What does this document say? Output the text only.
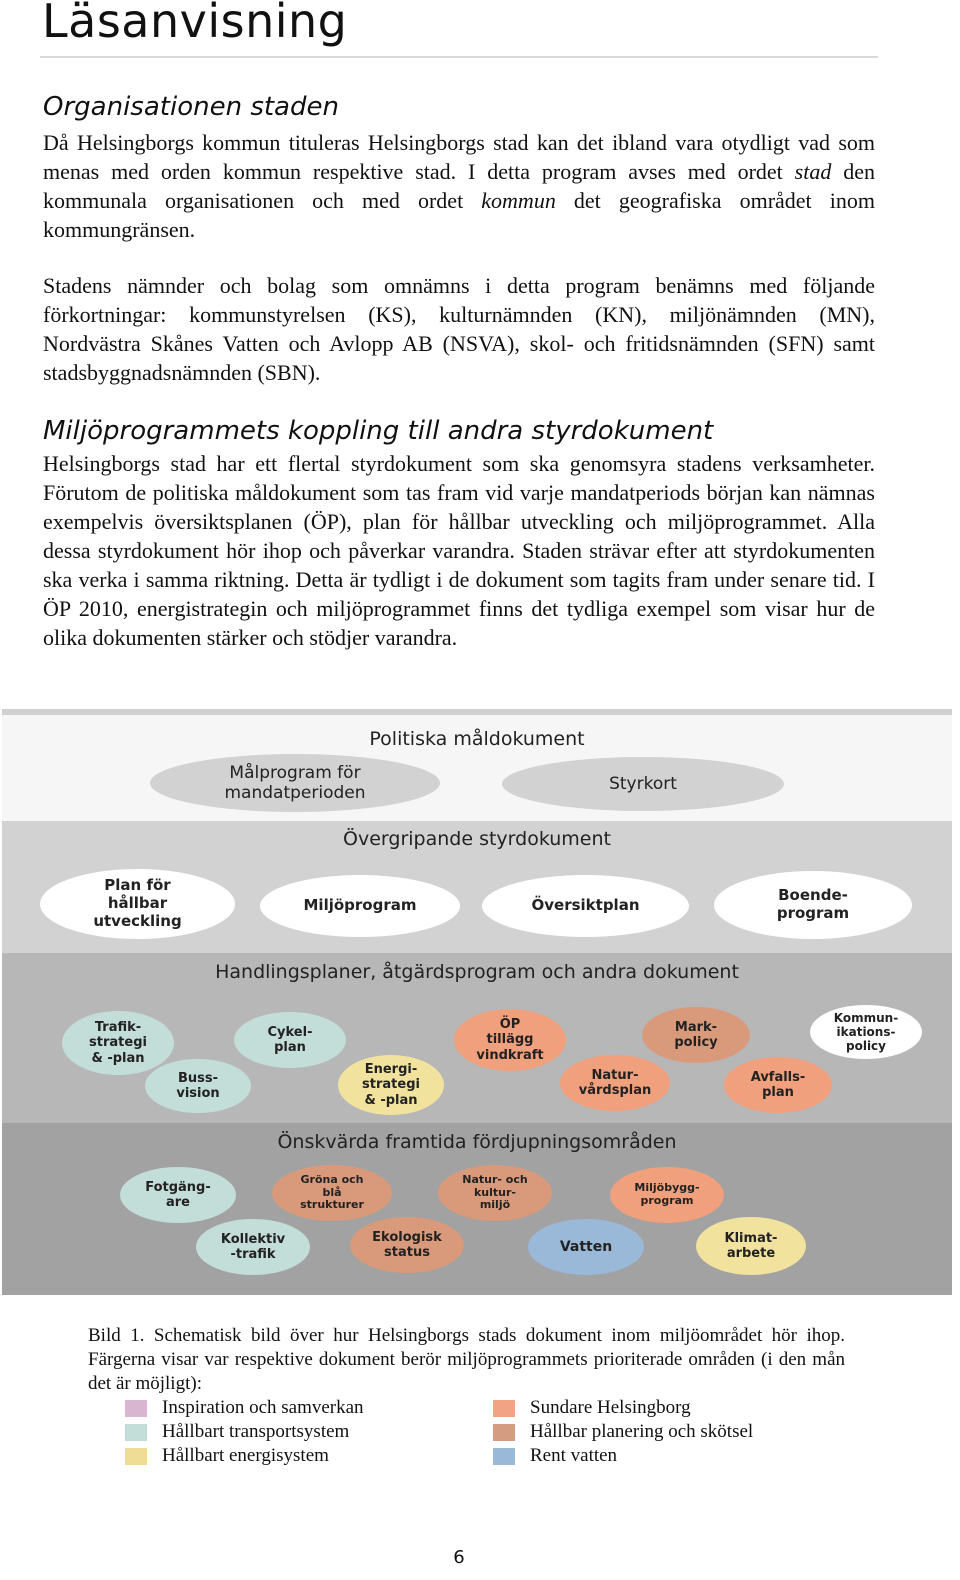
Läsanvisning
Organisationen staden

Då Helsingborgs kommun tituleras Helsingborgs stad kan det ibland vara otydligt vad som menas med orden kommun respektive stad. I detta program avses med ordet stad den kommunala organisationen och med ordet kommun det geografiska området inom kommungränsen.

Stadens nämnder och bolag som omnämns i detta program benämns med följande förkortningar: kommunstyrelsen (KS), kulturnämnden (KN), miljönämnden (MN), Nordvästra Skånes Vatten och Avlopp AB (NSVA), skol- och fritidsnämnden (SFN) samt stadsbyggnadsnämnden (SBN).

Miljöprogrammets koppling till andra styrdokument

Helsingborgs stad har ett flertal styrdokument som ska genomsyra stadens verksamheter. Förutom de politiska måldokument som tas fram vid varje mandatperiods början kan nämnas exempelvis översiktsplanen (ÖP), plan för hållbar utveckling och miljöprogrammet. Alla dessa styrdokument hör ihop och påverkar varandra. Staden strävar efter att styrdokumenten ska verka i samma riktning. Detta är tydligt i de dokument som tagits fram under senare tid. I ÖP 2010, energistrategin och miljöprogrammet finns det tydliga exempel som visar hur de olika dokumenten stärker och stödjer varandra.

Politiska måldokument
Målprogram för
mandatperioden	Styrkort
Övergripande styrdokument
Plan för
hållbar
utveckling
Miljöprogram	Översiktplan
Boende-
program
Handlingsplaner, åtgärdsprogram och andra dokument
Trafik-
strategi
& -plan
Buss-
vision
Cykel-
plan
Energi-
strategi
& -plan
ÖP
tillägg
vindkraft
Natur-
vårdsplan
Mark-
policy
Avfalls-
plan
Kommun-
ikations-
policy
Önskvärda framtida fördjupningsområden
Fotgäng-
are
Kollektiv
-trafik
Gröna och
blå
strukturer
Ekologisk
status
Natur- och
kultur-
miljö
Vatten
Miljöbygg-
program
Klimat-
arbete
Bild 1. Schematisk bild över hur Helsingborgs stads dokument inom miljöområdet hör ihop. Färgerna visar var respektive dokument berör miljöprogrammets prioriterade områden (i den mån det är möjligt):
Inspiration och samverkan
Hållbart transportsystem
Hållbart energisystem
Sundare Helsingborg
Hållbar planering och skötsel
Rent vatten
6
